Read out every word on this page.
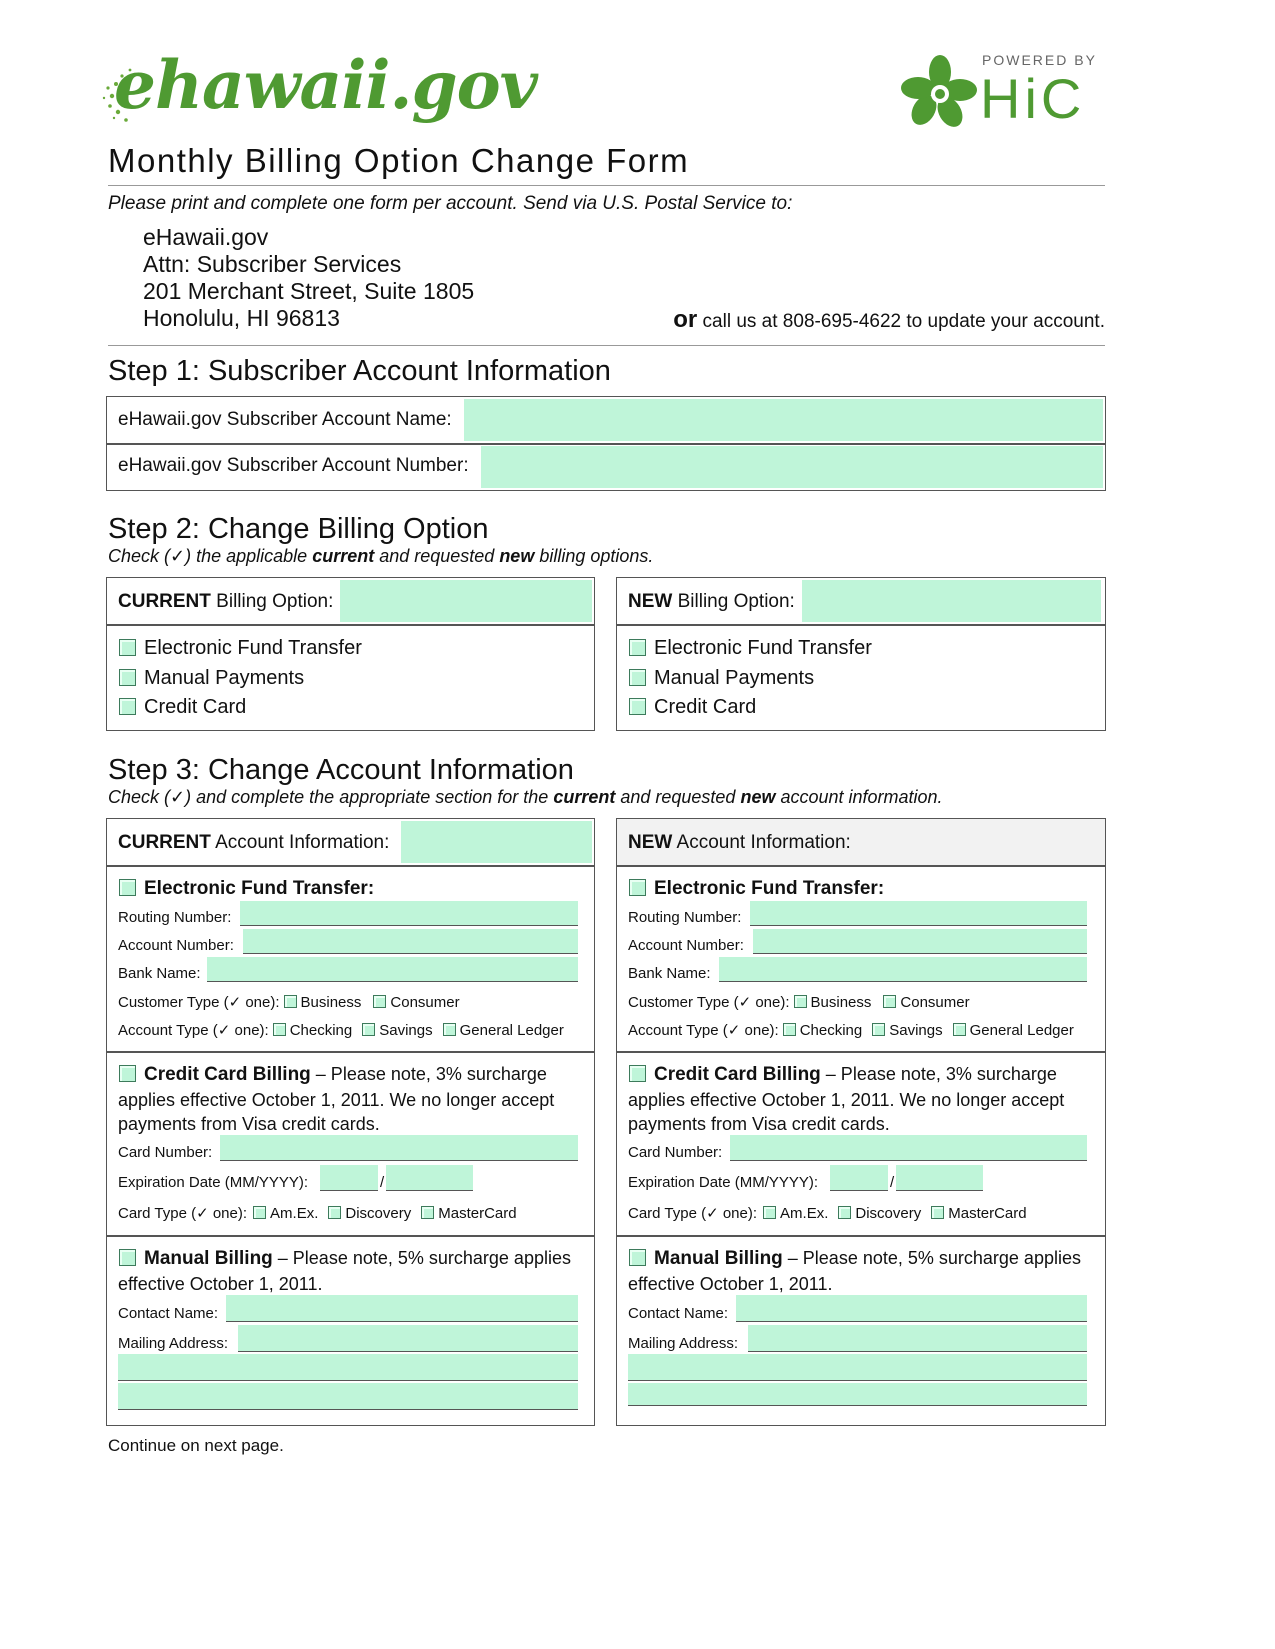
ehawaii.gov	POWERED BY
HiC
Monthly Billing Option Change Form
Please print and complete one form per account. Send via U.S. Postal Service to:
eHawaii.gov
Attn: Subscriber Services
201 Merchant Street, Suite 1805
Honolulu, HI 96813	or call us at 808-695-4622 to update your account.
Step 1: Subscriber Account Information
eHawaii.gov Subscriber Account Name:
eHawaii.gov Subscriber Account Number:
Step 2: Change Billing Option
Check (✓) the applicable current and requested new billing options.
CURRENT Billing Option:
Electronic Fund Transfer
Manual Payments
Credit Card
NEW Billing Option:
Electronic Fund Transfer
Manual Payments
Credit Card
Step 3: Change Account Information
Check (✓) and complete the appropriate section for the current and requested new account information.
CURRENT Account Information:
Electronic Fund Transfer:
Routing Number:
Account Number:
Bank Name:
Customer Type (✓ one): Business Consumer
Account Type (✓ one): Checking Savings General Ledger
Credit Card Billing – Please note, 3% surcharge
applies effective October 1, 2011. We no longer accept
payments from Visa credit cards.
Card Number:
Expiration Date (MM/YYYY):	/
Card Type (✓ one): Am.Ex. Discovery MasterCard
Manual Billing – Please note, 5% surcharge applies
effective October 1, 2011.
Contact Name:
Mailing Address:
NEW Account Information:
Electronic Fund Transfer:
Routing Number:
Account Number:
Bank Name:
Customer Type (✓ one): Business Consumer
Account Type (✓ one): Checking Savings General Ledger
Credit Card Billing – Please note, 3% surcharge
applies effective October 1, 2011. We no longer accept
payments from Visa credit cards.
Card Number:
Expiration Date (MM/YYYY):	/
Card Type (✓ one): Am.Ex. Discovery MasterCard
Manual Billing – Please note, 5% surcharge applies
effective October 1, 2011.
Contact Name:
Mailing Address:
Continue on next page.
